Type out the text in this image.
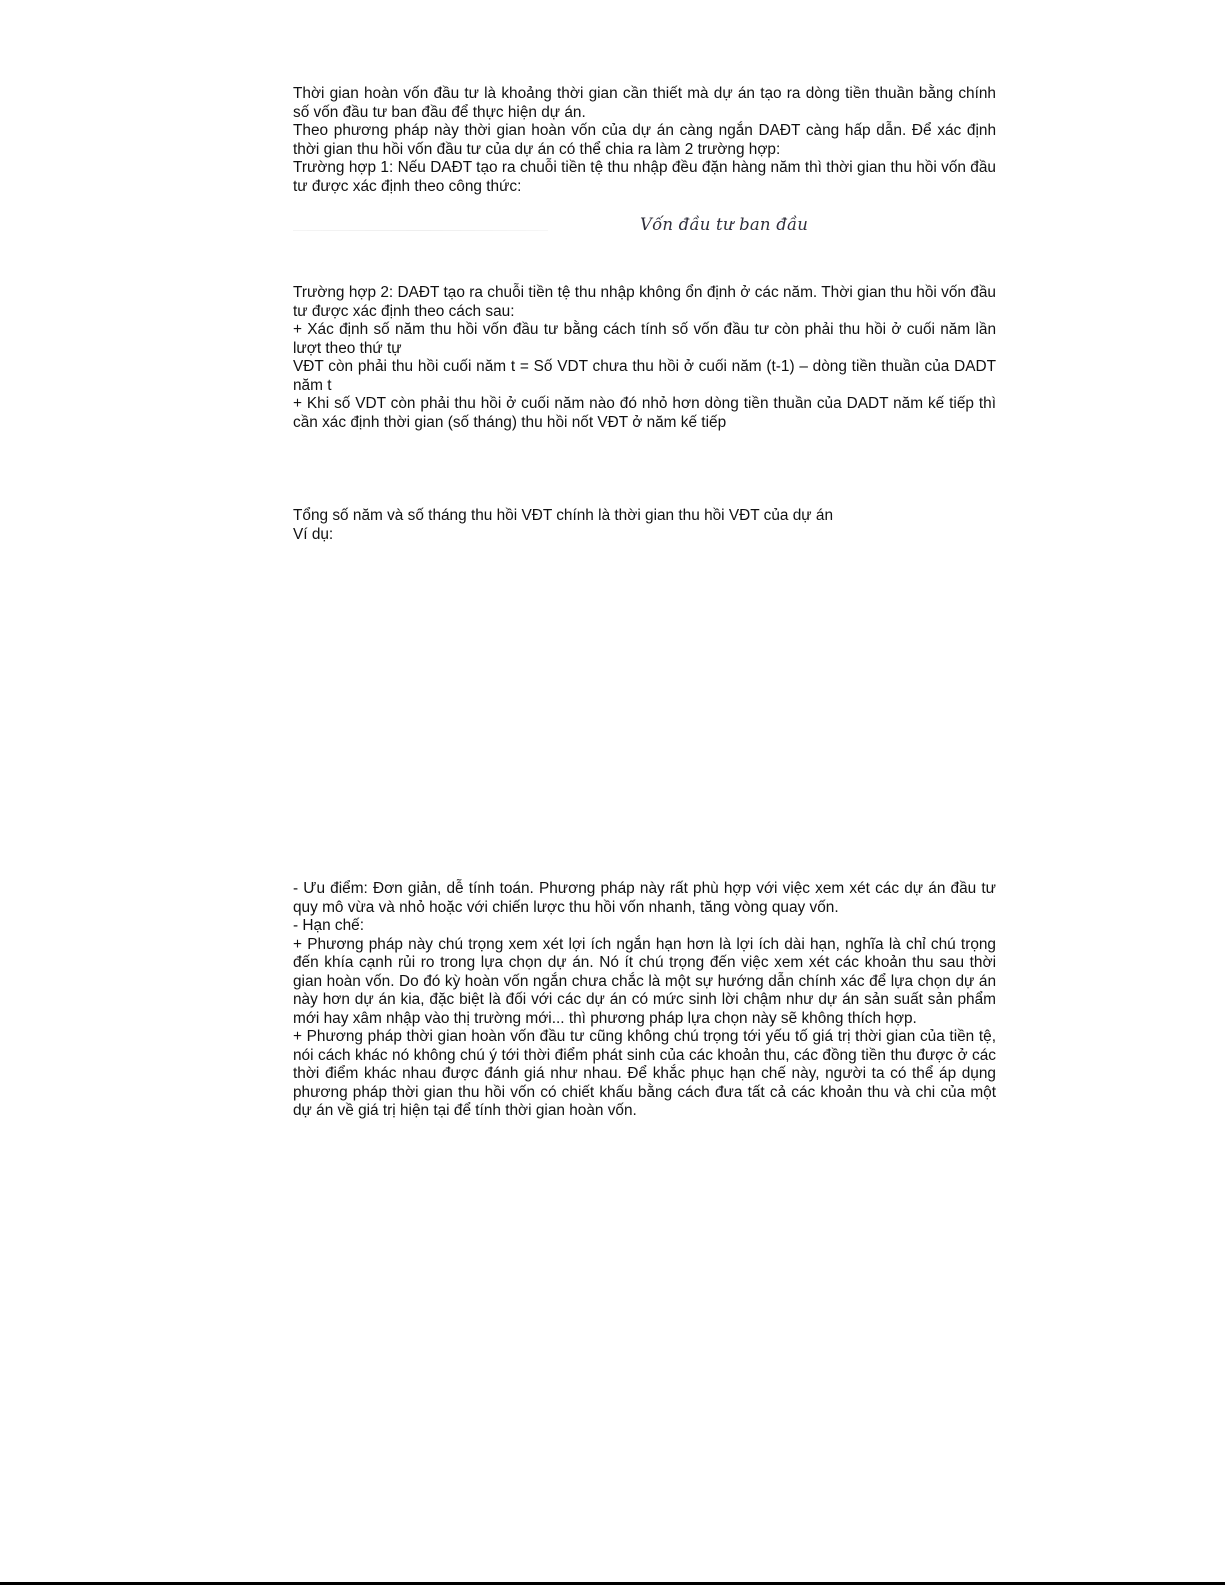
Thời gian hoàn vốn đầu tư là khoảng thời gian cần thiết mà dự án tạo ra dòng tiền thuần bằng chính số vốn đầu tư ban đầu để thực hiện dự án.

Theo phương pháp này thời gian hoàn vốn của dự án càng ngắn DAĐT càng hấp dẫn. Để xác định thời gian thu hồi vốn đầu tư của dự án có thể chia ra làm 2 trường hợp:

Trường hợp 1: Nếu DAĐT tạo ra chuỗi tiền tệ thu nhập đều đặn hàng năm thì thời gian thu hồi vốn đầu tư được xác định theo công thức:

Vốn đầu tư ban đầu

Trường hợp 2: DAĐT tạo ra chuỗi tiền tệ thu nhập không ổn định ở các năm. Thời gian thu hồi vốn đầu tư được xác định theo cách sau:

+ Xác định số năm thu hồi vốn đầu tư bằng cách tính số vốn đầu tư còn phải thu hồi ở cuối năm lần lượt theo thứ tự

VĐT còn phải thu hồi cuối năm t = Số VDT chưa thu hồi ở cuối năm (t-1) – dòng tiền thuần của DADT năm t

+ Khi số VDT còn phải thu hồi ở cuối năm nào đó nhỏ hơn dòng tiền thuần của DADT năm kế tiếp thì cần xác định thời gian (số tháng) thu hồi nốt VĐT ở năm kế tiếp

Tổng số năm và số tháng thu hồi VĐT chính là thời gian thu hồi VĐT của dự án

Ví dụ:

- Ưu điểm: Đơn giản, dễ tính toán. Phương pháp này rất phù hợp với việc xem xét các dự án đầu tư quy mô vừa và nhỏ hoặc với chiến lược thu hồi vốn nhanh, tăng vòng quay vốn.

- Hạn chế:

+ Phương pháp này chú trọng xem xét lợi ích ngắn hạn hơn là lợi ích dài hạn, nghĩa là chỉ chú trọng đến khía cạnh rủi ro trong lựa chọn dự án. Nó ít chú trọng đến việc xem xét các khoản thu sau thời gian hoàn vốn. Do đó kỳ hoàn vốn ngắn chưa chắc là một sự hướng dẫn chính xác để lựa chọn dự án này hơn dự án kia, đặc biệt là đối với các dự án có mức sinh lời chậm như dự án sản suất sản phẩm mới hay xâm nhập vào thị trường mới... thì phương pháp lựa chọn này sẽ không thích hợp.

+ Phương pháp thời gian hoàn vốn đầu tư cũng không chú trọng tới yếu tố giá trị thời gian của tiền tệ, nói cách khác nó không chú ý tới thời điểm phát sinh của các khoản thu, các đồng tiền thu được ở các thời điểm khác nhau được đánh giá như nhau. Để khắc phục hạn chế này, người ta có thể áp dụng phương pháp thời gian thu hồi vốn có chiết khấu bằng cách đưa tất cả các khoản thu và chi của một dự án về giá trị hiện tại để tính thời gian hoàn vốn.
